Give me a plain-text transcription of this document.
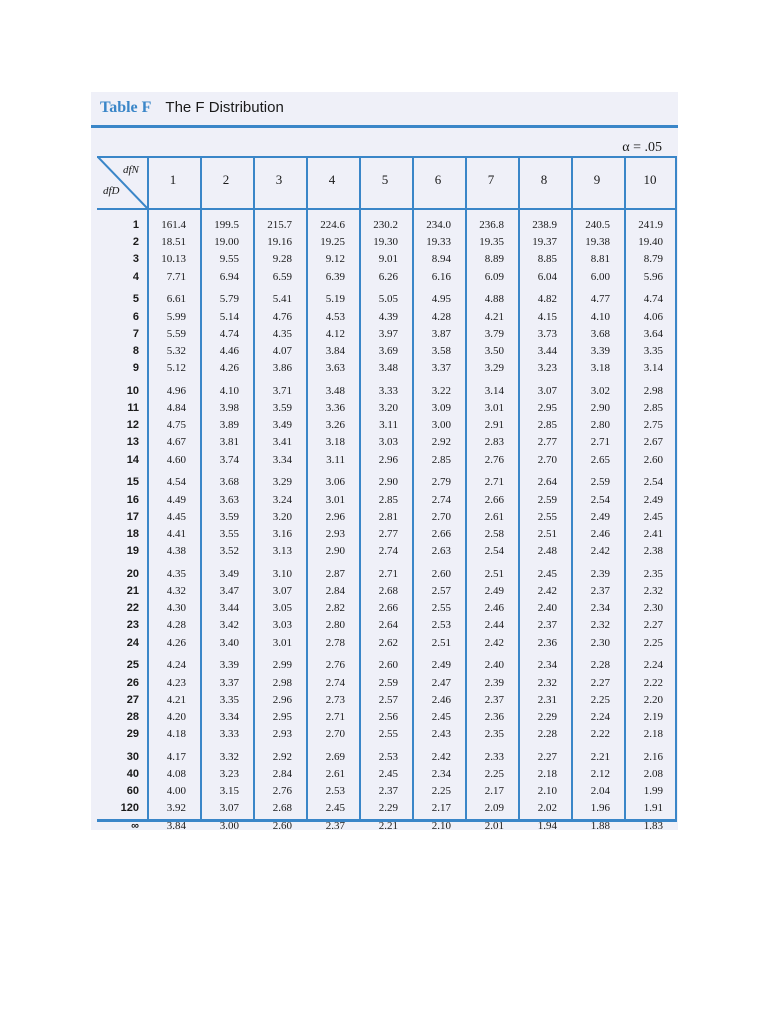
Table F The F Distribution
α = .05
dfN
dfD
1	2	3	4	5	6	7	8	9	10
1	161.4	199.5	215.7	224.6	230.2	234.0	236.8	238.9	240.5	241.9
2	18.51	19.00	19.16	19.25	19.30	19.33	19.35	19.37	19.38	19.40
3	10.13	9.55	9.28	9.12	9.01	8.94	8.89	8.85	8.81	8.79
4	7.71	6.94	6.59	6.39	6.26	6.16	6.09	6.04	6.00	5.96
5	6.61	5.79	5.41	5.19	5.05	4.95	4.88	4.82	4.77	4.74
6	5.99	5.14	4.76	4.53	4.39	4.28	4.21	4.15	4.10	4.06
7	5.59	4.74	4.35	4.12	3.97	3.87	3.79	3.73	3.68	3.64
8	5.32	4.46	4.07	3.84	3.69	3.58	3.50	3.44	3.39	3.35
9	5.12	4.26	3.86	3.63	3.48	3.37	3.29	3.23	3.18	3.14
10	4.96	4.10	3.71	3.48	3.33	3.22	3.14	3.07	3.02	2.98
11	4.84	3.98	3.59	3.36	3.20	3.09	3.01	2.95	2.90	2.85
12	4.75	3.89	3.49	3.26	3.11	3.00	2.91	2.85	2.80	2.75
13	4.67	3.81	3.41	3.18	3.03	2.92	2.83	2.77	2.71	2.67
14	4.60	3.74	3.34	3.11	2.96	2.85	2.76	2.70	2.65	2.60
15	4.54	3.68	3.29	3.06	2.90	2.79	2.71	2.64	2.59	2.54
16	4.49	3.63	3.24	3.01	2.85	2.74	2.66	2.59	2.54	2.49
17	4.45	3.59	3.20	2.96	2.81	2.70	2.61	2.55	2.49	2.45
18	4.41	3.55	3.16	2.93	2.77	2.66	2.58	2.51	2.46	2.41
19	4.38	3.52	3.13	2.90	2.74	2.63	2.54	2.48	2.42	2.38
20	4.35	3.49	3.10	2.87	2.71	2.60	2.51	2.45	2.39	2.35
21	4.32	3.47	3.07	2.84	2.68	2.57	2.49	2.42	2.37	2.32
22	4.30	3.44	3.05	2.82	2.66	2.55	2.46	2.40	2.34	2.30
23	4.28	3.42	3.03	2.80	2.64	2.53	2.44	2.37	2.32	2.27
24	4.26	3.40	3.01	2.78	2.62	2.51	2.42	2.36	2.30	2.25
25	4.24	3.39	2.99	2.76	2.60	2.49	2.40	2.34	2.28	2.24
26	4.23	3.37	2.98	2.74	2.59	2.47	2.39	2.32	2.27	2.22
27	4.21	3.35	2.96	2.73	2.57	2.46	2.37	2.31	2.25	2.20
28	4.20	3.34	2.95	2.71	2.56	2.45	2.36	2.29	2.24	2.19
29	4.18	3.33	2.93	2.70	2.55	2.43	2.35	2.28	2.22	2.18
30	4.17	3.32	2.92	2.69	2.53	2.42	2.33	2.27	2.21	2.16
40	4.08	3.23	2.84	2.61	2.45	2.34	2.25	2.18	2.12	2.08
60	4.00	3.15	2.76	2.53	2.37	2.25	2.17	2.10	2.04	1.99
120	3.92	3.07	2.68	2.45	2.29	2.17	2.09	2.02	1.96	1.91
∞	3.84	3.00	2.60	2.37	2.21	2.10	2.01	1.94	1.88	1.83
